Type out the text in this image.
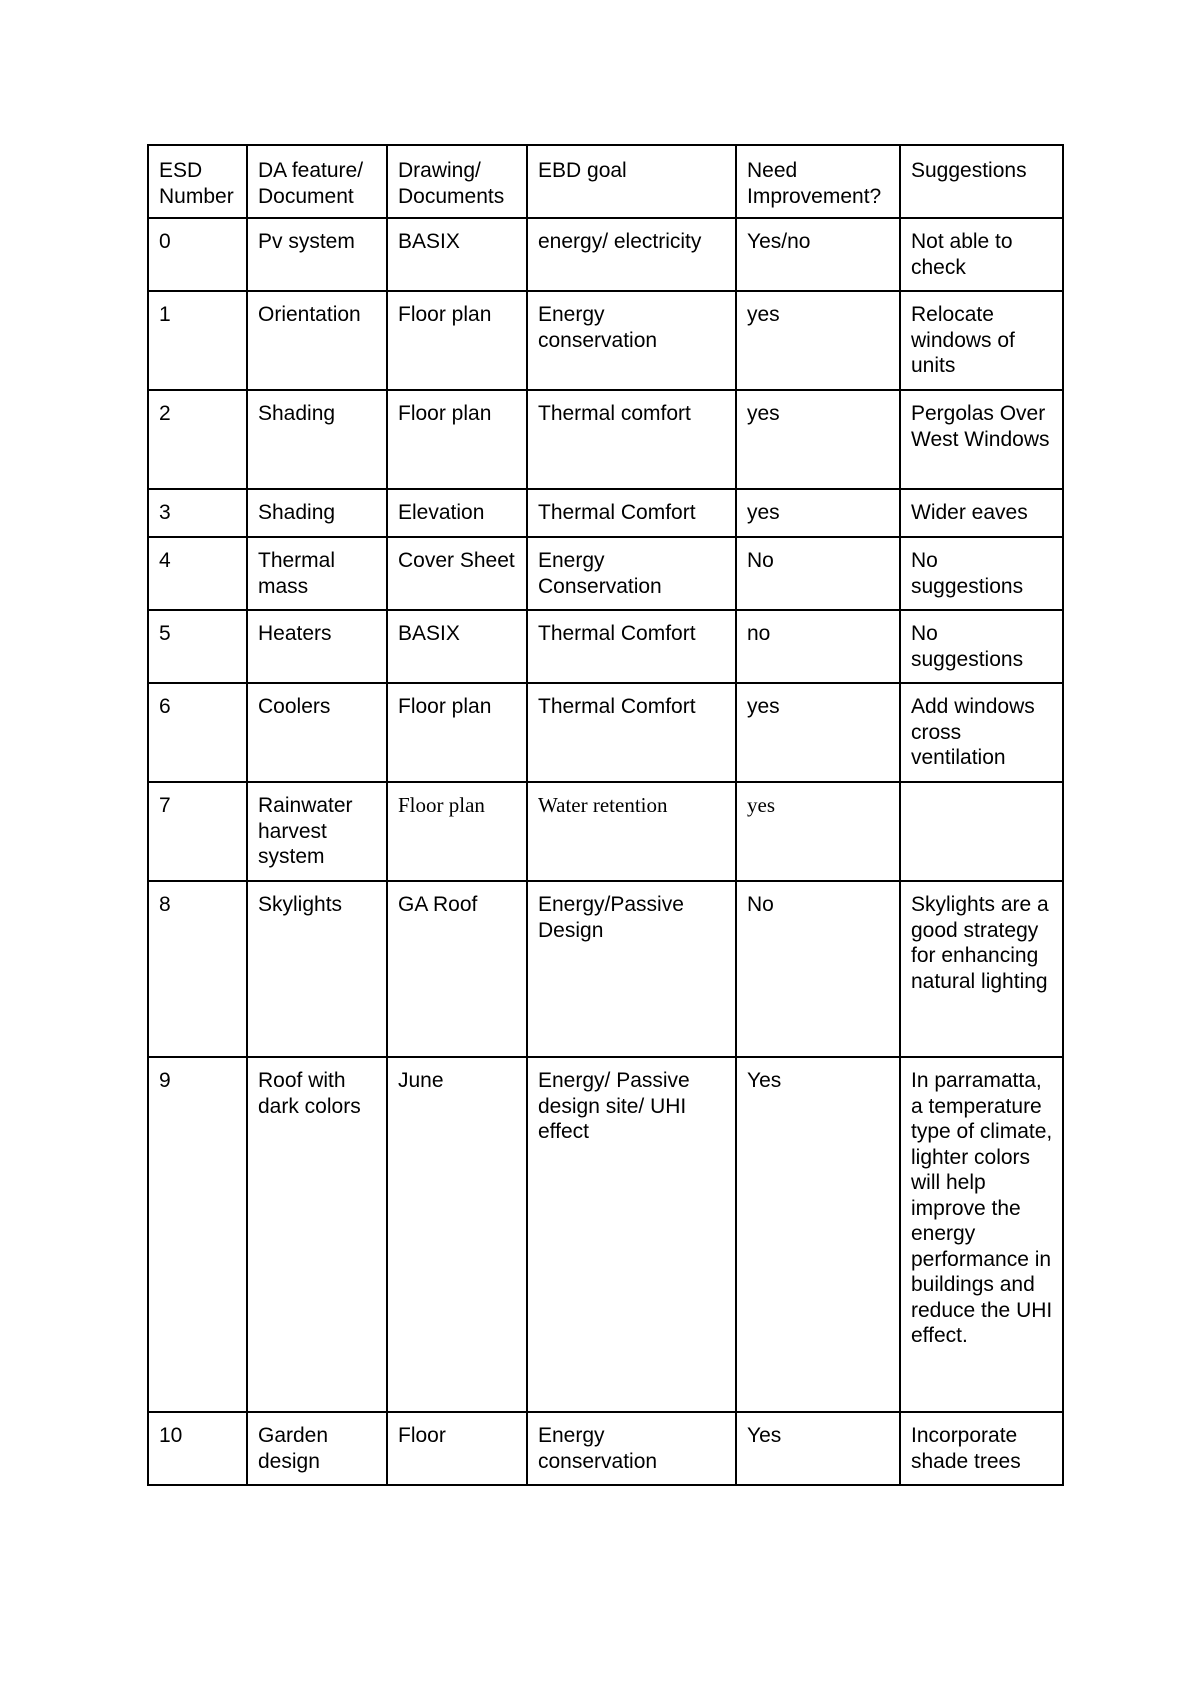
ESD Number	DA feature/ Document	Drawing/ Documents	EBD goal	Need Improvement?	Suggestions
0	Pv system	BASIX	energy/ electricity	Yes/no	Not able to check
1	Orientation	Floor plan	Energy conservation	yes	Relocate windows of units
2	Shading	Floor plan	Thermal comfort	yes	Pergolas Over West Windows
3	Shading	Elevation	Thermal Comfort	yes	Wider eaves
4	Thermal mass	Cover Sheet	Energy Conservation	No	No suggestions
5	Heaters	BASIX	Thermal Comfort	no	No suggestions
6	Coolers	Floor plan	Thermal Comfort	yes	Add windows cross ventilation
7	Rainwater harvest system	Floor plan	Water retention	yes	
8	Skylights	GA Roof	Energy/Passive Design	No	Skylights are a good strategy for enhancing natural lighting
9	Roof with dark colors	June	Energy/ Passive design site/ UHI effect	Yes	In parramatta, a temperature type of climate, lighter colors will help improve the energy performance in buildings and reduce the UHI effect.
10	Garden design	Floor	Energy conservation	Yes	Incorporate shade trees
